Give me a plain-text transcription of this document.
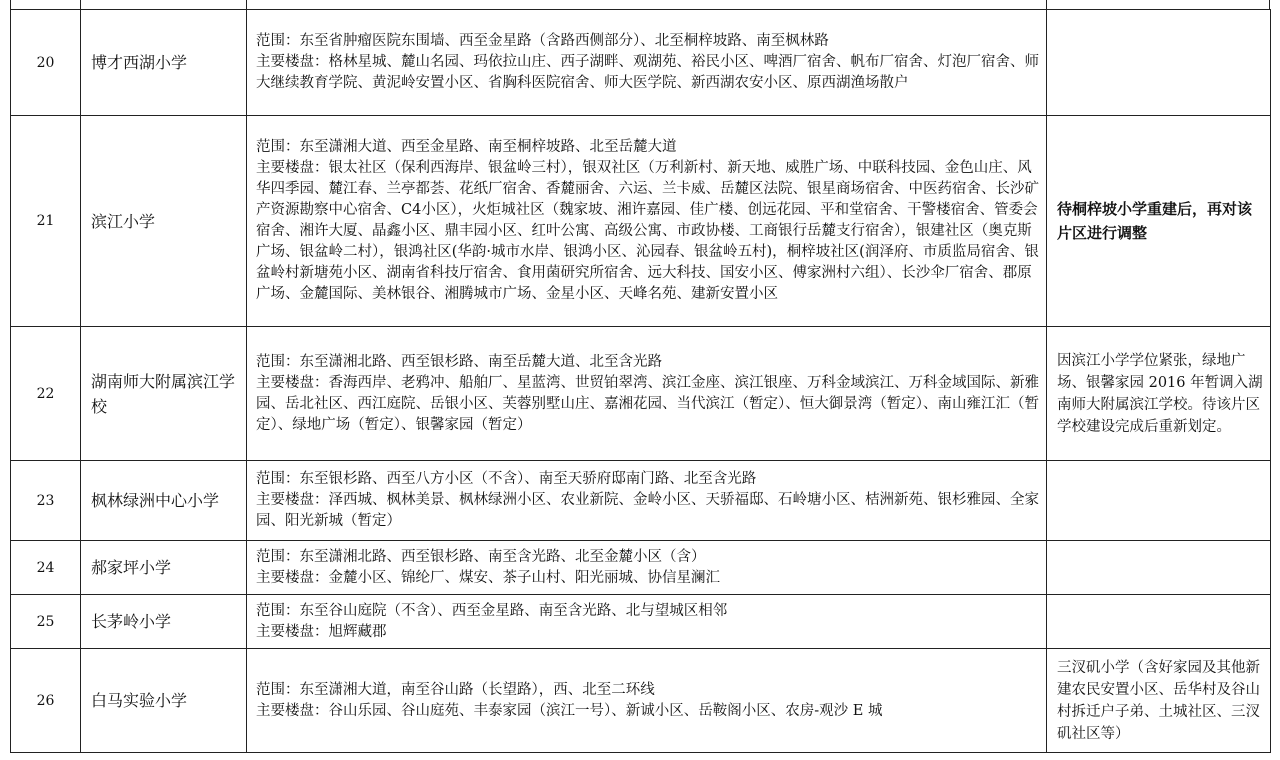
20	博才西湖小学	范围：东至省肿瘤医院东围墙、西至金星路（含路西侧部分）、北至桐梓坡路、南至枫林路
主要楼盘：格林星城、麓山名园、玛依拉山庄、西子湖畔、观湖苑、裕民小区、啤酒厂宿舍、帆布厂宿舍、灯泡厂宿舍、师大继续教育学院、黄泥岭安置小区、省胸科医院宿舍、师大医学院、新西湖农安小区、原西湖渔场散户	

21	滨江小学	范围：东至潇湘大道、西至金星路、南至桐梓坡路、北至岳麓大道
主要楼盘：银太社区（保利西海岸、银盆岭三村），银双社区（万利新村、新天地、威胜广场、中联科技园、金色山庄、风华四季园、麓江春、兰亭都荟、花纸厂宿舍、香麓丽舍、六运、兰卡威、岳麓区法院、银星商场宿舍、中医药宿舍、长沙矿产资源勘察中心宿舍、C4小区），火炬城社区（魏家坡、湘许嘉园、佳广楼、创远花园、平和堂宿舍、干警楼宿舍、管委会宿舍、湘许大厦、晶鑫小区、鼎丰园小区、红叶公寓、高级公寓、市政协楼、工商银行岳麓支行宿舍），银建社区（奥克斯广场、银盆岭二村），银鸿社区(华韵·城市水岸、银鸿小区、沁园春、银盆岭五村)，桐梓坡社区(润泽府、市质监局宿舍、银盆岭村新塘苑小区、湖南省科技厅宿舍、食用菌研究所宿舍、远大科技、国安小区、傅家洲村六组）、长沙伞厂宿舍、郡原广场、金麓国际、美林银谷、湘腾城市广场、金星小区、天峰名苑、建新安置小区	待桐梓坡小学重建后，再对该片区进行调整
22	湖南师大附属滨江学校	范围：东至潇湘北路、西至银杉路、南至岳麓大道、北至含光路
主要楼盘：香海西岸、老鸦冲、船舶厂、星蓝湾、世贸铂翠湾、滨江金座、滨江银座、万科金域滨江、万科金域国际、新雅园、岳北社区、西江庭院、岳银小区、芙蓉别墅山庄、嘉湘花园、当代滨江（暂定）、恒大御景湾（暂定）、南山雍江汇（暂定）、绿地广场（暂定）、银馨家园（暂定）	因滨江小学学位紧张，绿地广场、银馨家园 2016 年暂调入湖南师大附属滨江学校。待该片区学校建设完成后重新划定。
23	枫林绿洲中心小学	范围：东至银杉路、西至八方小区（不含）、南至天骄府邸南门路、北至含光路
主要楼盘：泽西城、枫林美景、枫林绿洲小区、农业新院、金岭小区、天骄福邸、石岭塘小区、桔洲新苑、银杉雅园、全家园、阳光新城（暂定）	

24	郝家坪小学	范围：东至潇湘北路、西至银杉路、南至含光路、北至金麓小区（含）
主要楼盘：金麓小区、锦纶厂、煤安、茶子山村、阳光丽城、协信星澜汇	

25	长茅岭小学	范围：东至谷山庭院（不含）、西至金星路、南至含光路、北与望城区相邻
主要楼盘：旭辉藏郡	

26	白马实验小学	范围：东至潇湘大道，南至谷山路（长望路），西、北至二环线
主要楼盘：谷山乐园、谷山庭苑、丰泰家园（滨江一号）、新诚小区、岳鞍阁小区、农房-观沙 E 城	三汊矶小学（含好家园及其他新建农民安置小区、岳华村及谷山村拆迁户子弟、土城社区、三汊矶社区等）
